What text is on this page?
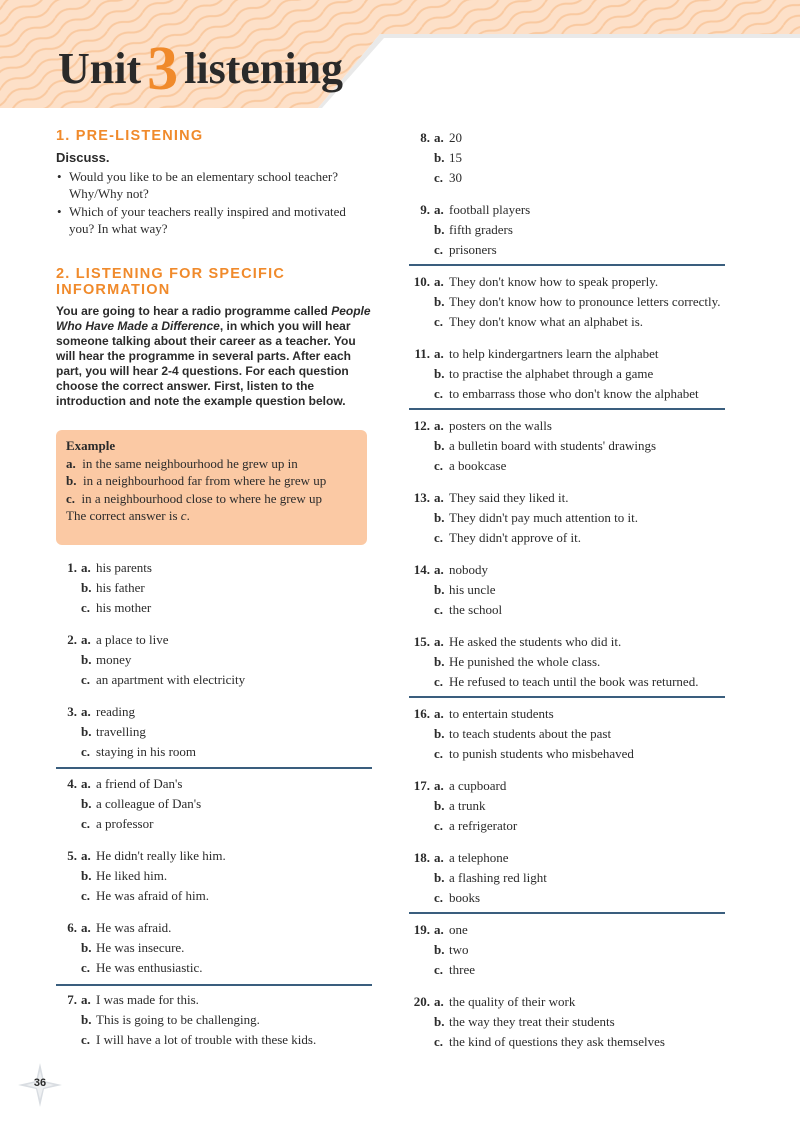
Unit3 listening
1. PRE-LISTENING
Discuss.
• Would you like to be an elementary school teacher?
Why/Why not?
• Which of your teachers really inspired and motivated
you? In what way?
2. LISTENING FOR SPECIFIC INFORMATION

You are going to hear a radio programme called People Who Have Made a Difference, in which you will hear someone talking about their career as a teacher. You will hear the programme in several parts. After each part, you will hear 2-4 questions. For each question choose the correct answer. First, listen to the introduction and note the example question below.

Example
a. in the same neighbourhood he grew up in
b. in a neighbourhood far from where he grew up
c. in a neighbourhood close to where he grew up
The correct answer is c.
1. a. his parents
b. his father
c. his mother
2. a. a place to live
b. money
c. an apartment with electricity
3. a. reading
b. travelling
c. staying in his room
4. a. a friend of Dan's
b. a colleague of Dan's
c. a professor
5. a. He didn't really like him.
b. He liked him.
c. He was afraid of him.
6. a. He was afraid.
b. He was insecure.
c. He was enthusiastic.
7. a. I was made for this.
b. This is going to be challenging.
c. I will have a lot of trouble with these kids.
8. a. 20
b. 15
c. 30
9. a. football players
b. fifth graders
c. prisoners
10. a. They don't know how to speak properly.
b. They don't know how to pronounce letters correctly.
c. They don't know what an alphabet is.
11. a. to help kindergartners learn the alphabet
b. to practise the alphabet through a game
c. to embarrass those who don't know the alphabet
12. a. posters on the walls
b. a bulletin board with students' drawings
c. a bookcase
13. a. They said they liked it.
b. They didn't pay much attention to it.
c. They didn't approve of it.
14. a. nobody
b. his uncle
c. the school
15. a. He asked the students who did it.
b. He punished the whole class.
c. He refused to teach until the book was returned.
16. a. to entertain students
b. to teach students about the past
c. to punish students who misbehaved
17. a. a cupboard
b. a trunk
c. a refrigerator
18. a. a telephone
b. a flashing red light
c. books
19. a. one
b. two
c. three
20. a. the quality of their work
b. the way they treat their students
c. the kind of questions they ask themselves
36
